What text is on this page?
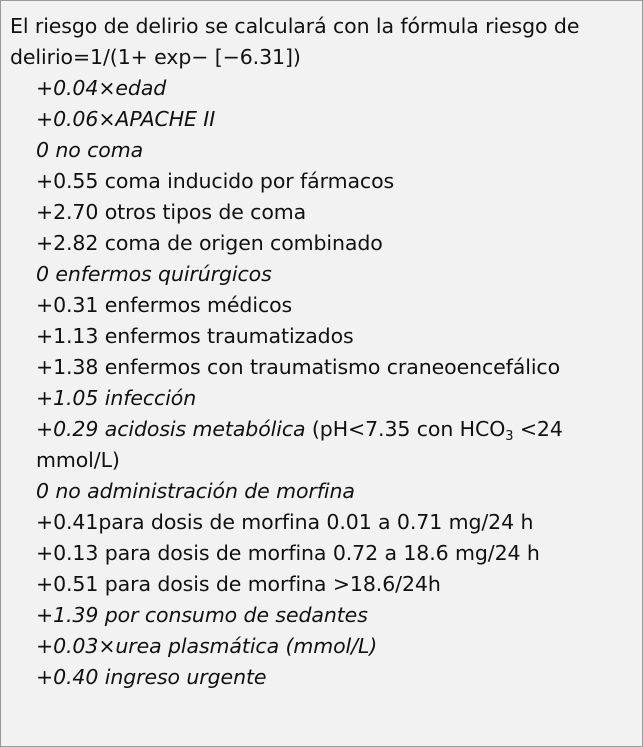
El riesgo de delirio se calculará con la fórmula riesgo de
delirio=1/(1+ exp− [−6.31])
+0.04×edad
+0.06×APACHE II
0 no coma
+0.55 coma inducido por fármacos
+2.70 otros tipos de coma
+2.82 coma de origen combinado
0 enfermos quirúrgicos
+0.31 enfermos médicos
+1.13 enfermos traumatizados
+1.38 enfermos con traumatismo craneoencefálico
+1.05 infección
+0.29 acidosis metabólica (pH<7.35 con $HCO_3 <24$ mmol/L)
0 no administración de morfina
+0.41para dosis de morfina 0.01 a 0.71 mg/24 h
+0.13 para dosis de morfina 0.72 a 18.6 mg/24 h
+0.51 para dosis de morfina >18.6/24h
+1.39 por consumo de sedantes
+0.03×urea plasmática (mmol/L)
+0.40 ingreso urgente
